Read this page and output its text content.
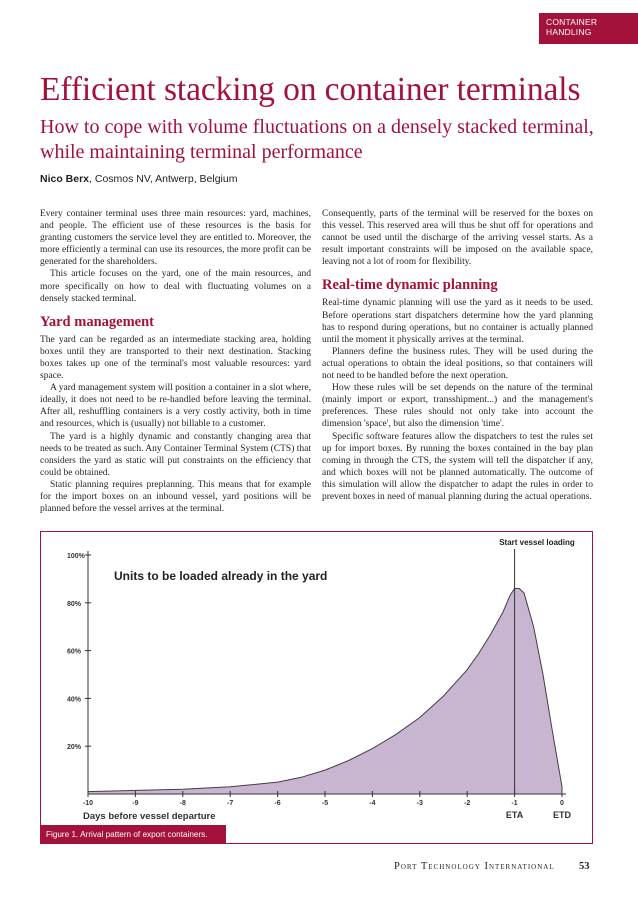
CONTAINER
HANDLING
Efficient stacking on container terminals
How to cope with volume fluctuations on a densely stacked terminal, while maintaining terminal performance

Nico Berx, Cosmos NV, Antwerp, Belgium

Every container terminal uses three main resources: yard, machines, and people. The efficient use of these resources is the basis for granting customers the service level they are entitled to. Moreover, the more efficiently a terminal can use its resources, the more profit can be generated for the shareholders.

This article focuses on the yard, one of the main resources, and more specifically on how to deal with fluctuating volumes on a densely stacked terminal.

Yard management

The yard can be regarded as an intermediate stacking area, holding boxes until they are transported to their next destination. Stacking boxes takes up one of the terminal's most valuable resources: yard space.

A yard management system will position a container in a slot where, ideally, it does not need to be re-handled before leaving the terminal. After all, reshuffling containers is a very costly activity, both in time and resources, which is (usually) not billable to a customer.

The yard is a highly dynamic and constantly changing area that needs to be treated as such. Any Container Terminal System (CTS) that considers the yard as static will put constraints on the efficiency that could be obtained.

Static planning requires preplanning. This means that for example for the import boxes on an inbound vessel, yard positions will be planned before the vessel arrives at the terminal.

Consequently, parts of the terminal will be reserved for the boxes on this vessel. This reserved area will thus be shut off for operations and cannot be used until the discharge of the arriving vessel starts. As a result important constraints will be imposed on the available space, leaving not a lot of room for flexibility.

Real-time dynamic planning

Real-time dynamic planning will use the yard as it needs to be used. Before operations start dispatchers determine how the yard planning has to respond during operations, but no container is actually planned until the moment it physically arrives at the terminal.

Planners define the business rules. They will be used during the actual operations to obtain the ideal positions, so that containers will not need to be handled before the next operation.

How these rules will be set depends on the nature of the terminal (mainly import or export, transshipment...) and the management's preferences. These rules should not only take into account the dimension 'space', but also the dimension 'time'.

Specific software features allow the dispatchers to test the rules set up for import boxes. By running the boxes contained in the bay plan coming in through the CTS, the system will tell the dispatcher if any, and which boxes will not be planned automatically. The outcome of this simulation will allow the dispatcher to adapt the rules in order to prevent boxes in need of manual planning during the actual operations.

20%
40%
60%
80%
100%
-10	-9	-8	-7	-6	-5	-4	-3	-2	-1	0
ETA	ETD
Days before vessel departure
Units to be loaded already in the yard
Start vessel loading
Figure 1. Arrival pattern of export containers.
Port Technology International 53
